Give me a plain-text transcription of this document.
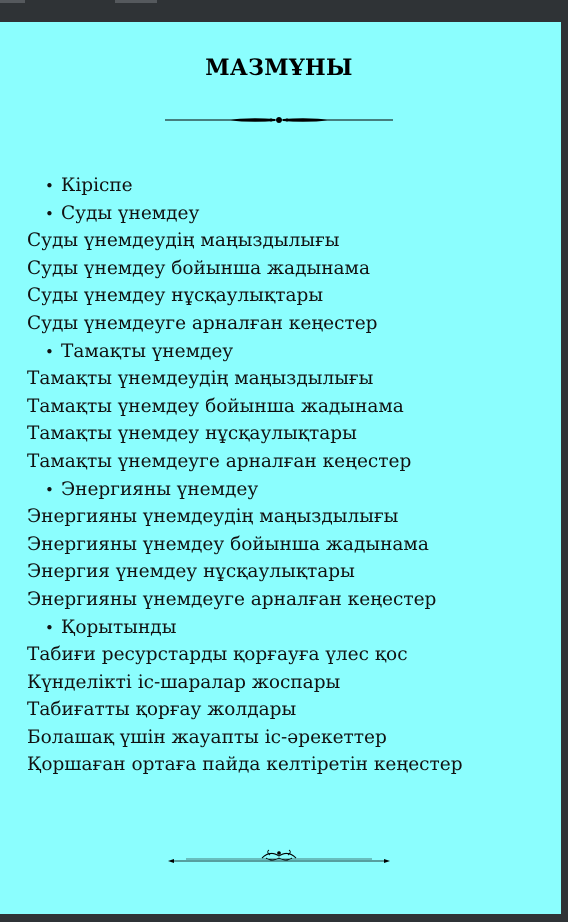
МАЗМҰНЫ
• Кіріспе
• Суды үнемдеу
Суды үнемдеудің маңыздылығы
Суды үнемдеу бойынша жадынама
Суды үнемдеу нұсқаулықтары
Суды үнемдеуге арналған кеңестер
• Тамақты үнемдеу
Тамақты үнемдеудің маңыздылығы
Тамақты үнемдеу бойынша жадынама
Тамақты үнемдеу нұсқаулықтары
Тамақты үнемдеуге арналған кеңестер
• Энергияны үнемдеу
Энергияны үнемдеудің маңыздылығы
Энергияны үнемдеу бойынша жадынама
Энергия үнемдеу нұсқаулықтары
Энергияны үнемдеуге арналған кеңестер
• Қорытынды
Табиғи ресурстарды қорғауға үлес қос
Күнделікті іс-шаралар жоспары
Табиғатты қорғау жолдары
Болашақ үшін жауапты іс-әрекеттер
Қоршаған ортаға пайда келтіретін кеңестер
